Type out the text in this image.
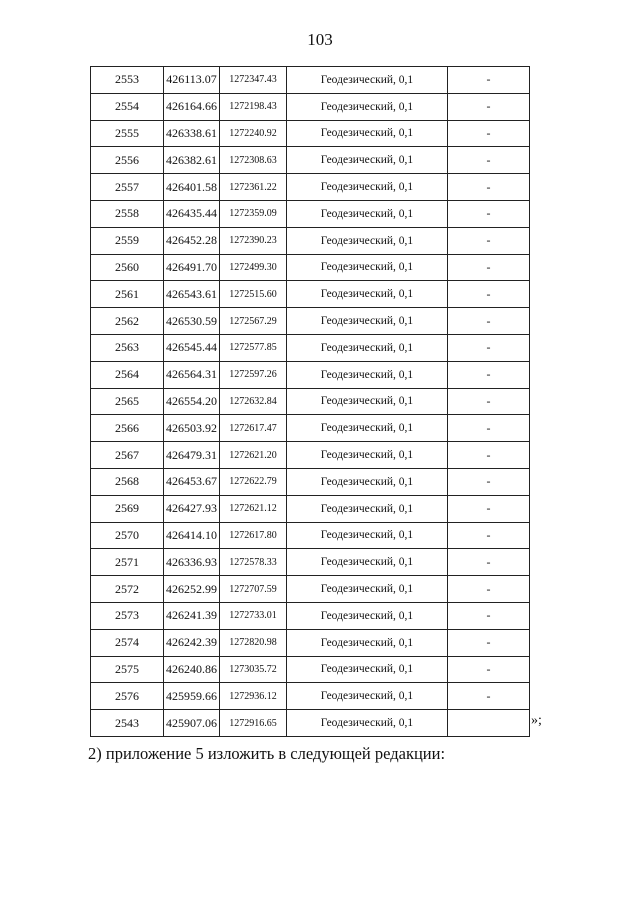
103
2553	426113.07	1272347.43	Геодезический, 0,1	-
2554	426164.66	1272198.43	Геодезический, 0,1	-
2555	426338.61	1272240.92	Геодезический, 0,1	-
2556	426382.61	1272308.63	Геодезический, 0,1	-
2557	426401.58	1272361.22	Геодезический, 0,1	-
2558	426435.44	1272359.09	Геодезический, 0,1	-
2559	426452.28	1272390.23	Геодезический, 0,1	-
2560	426491.70	1272499.30	Геодезический, 0,1	-
2561	426543.61	1272515.60	Геодезический, 0,1	-
2562	426530.59	1272567.29	Геодезический, 0,1	-
2563	426545.44	1272577.85	Геодезический, 0,1	-
2564	426564.31	1272597.26	Геодезический, 0,1	-
2565	426554.20	1272632.84	Геодезический, 0,1	-
2566	426503.92	1272617.47	Геодезический, 0,1	-
2567	426479.31	1272621.20	Геодезический, 0,1	-
2568	426453.67	1272622.79	Геодезический, 0,1	-
2569	426427.93	1272621.12	Геодезический, 0,1	-
2570	426414.10	1272617.80	Геодезический, 0,1	-
2571	426336.93	1272578.33	Геодезический, 0,1	-
2572	426252.99	1272707.59	Геодезический, 0,1	-
2573	426241.39	1272733.01	Геодезический, 0,1	-
2574	426242.39	1272820.98	Геодезический, 0,1	-
2575	426240.86	1273035.72	Геодезический, 0,1	-
2576	425959.66	1272936.12	Геодезический, 0,1	-
2543	425907.06	1272916.65	Геодезический, 0,1		»;
2) приложение 5 изложить в следующей редакции:
